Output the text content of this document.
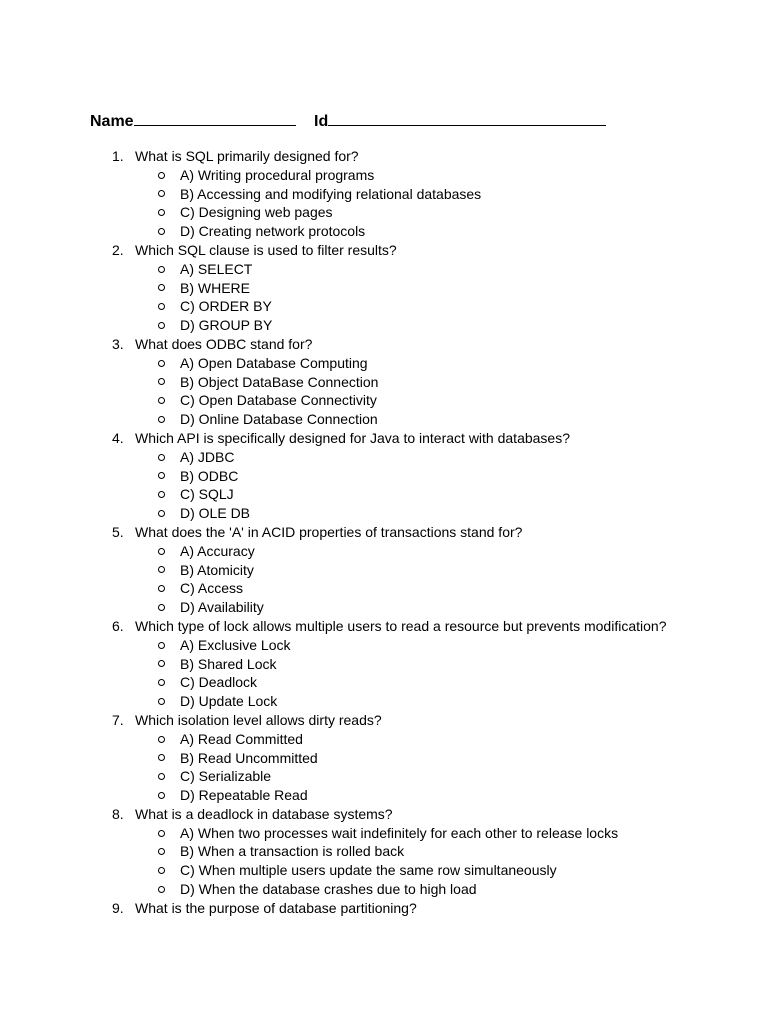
Name	Id
1. What is SQL primarily designed for?
A) Writing procedural programs
B) Accessing and modifying relational databases
C) Designing web pages
D) Creating network protocols
2. Which SQL clause is used to filter results?
A) SELECT
B) WHERE
C) ORDER BY
D) GROUP BY
3. What does ODBC stand for?
A) Open Database Computing
B) Object DataBase Connection
C) Open Database Connectivity
D) Online Database Connection
4. Which API is specifically designed for Java to interact with databases?
A) JDBC
B) ODBC
C) SQLJ
D) OLE DB
5. What does the 'A' in ACID properties of transactions stand for?
A) Accuracy
B) Atomicity
C) Access
D) Availability
6. Which type of lock allows multiple users to read a resource but prevents modification?
A) Exclusive Lock
B) Shared Lock
C) Deadlock
D) Update Lock
7. Which isolation level allows dirty reads?
A) Read Committed
B) Read Uncommitted
C) Serializable
D) Repeatable Read
8. What is a deadlock in database systems?
A) When two processes wait indefinitely for each other to release locks
B) When a transaction is rolled back
C) When multiple users update the same row simultaneously
D) When the database crashes due to high load
9. What is the purpose of database partitioning?
